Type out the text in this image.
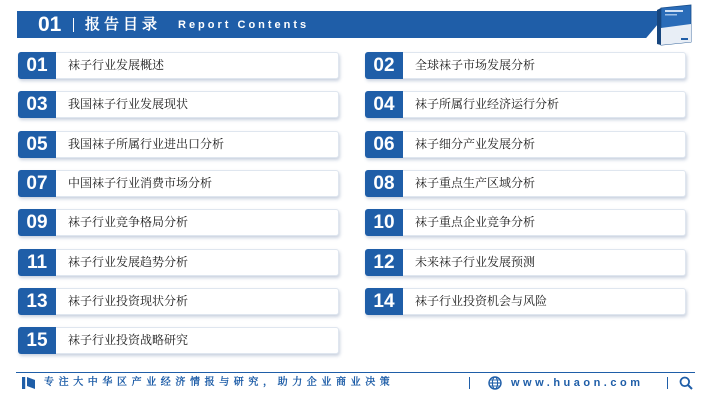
01 报告目录 Report Contents
01	袜子行业发展概述	02	全球袜子市场发展分析
03	我国袜子行业发展现状	04	袜子所属行业经济运行分析
05	我国袜子所属行业进出口分析	06	袜子细分产业发展分析
07	中国袜子行业消费市场分析	08	袜子重点生产区域分析
09	袜子行业竞争格局分析	10	袜子重点企业竞争分析
11	袜子行业发展趋势分析	12	未来袜子行业发展预测
13	袜子行业投资现状分析	14	袜子行业投资机会与风险
15	袜子行业投资战略研究
专注大中华区产业经济情报与研究，助力企业商业决策	www.huaon.com
